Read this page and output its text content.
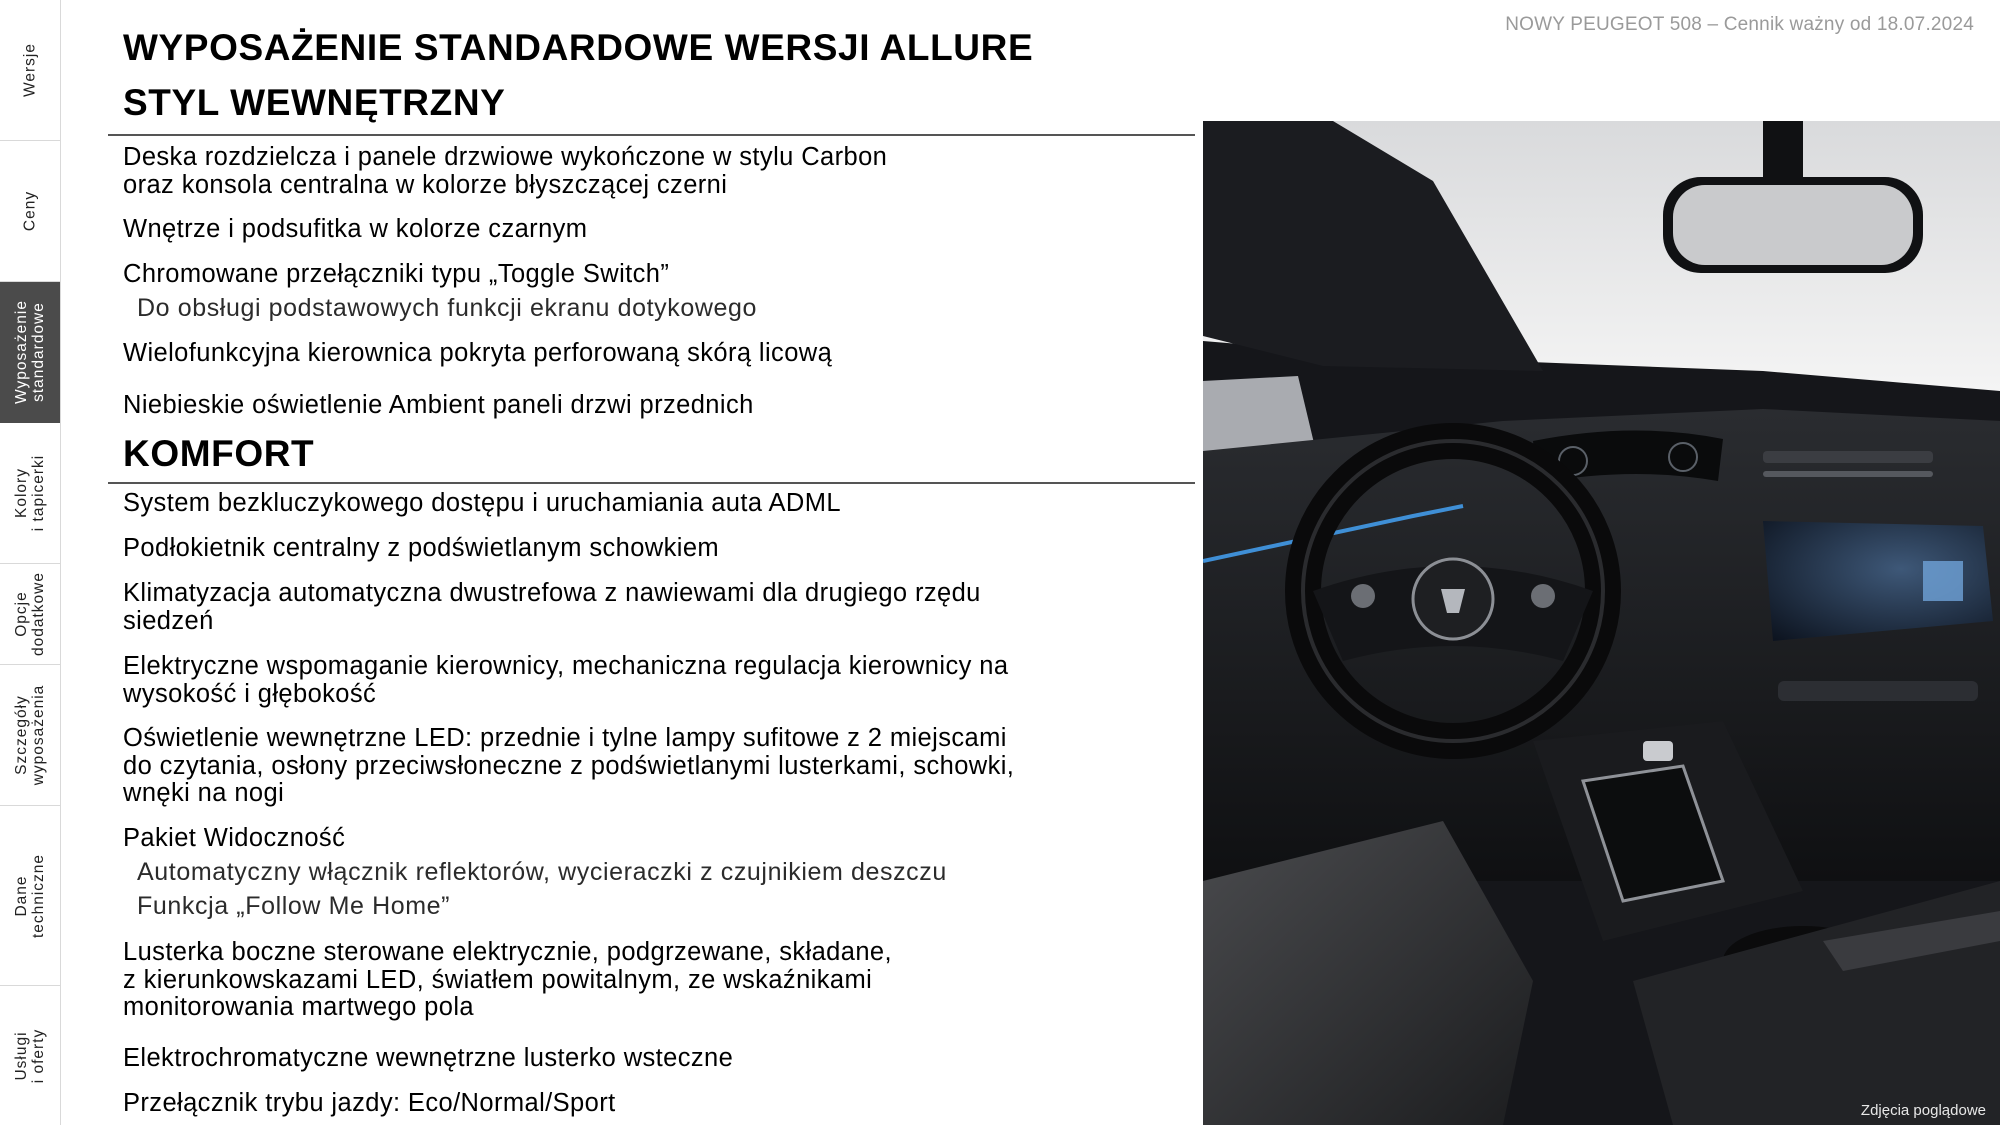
Wersje
Ceny
Wyposażenie
standardowe
Kolory
i tapicerki
Opcje
dodatkowe
Szczegóły
wyposażenia
Dane
techniczne
Usługi
i oferty
NOWY PEUGEOT 508 – Cennik ważny od 18.07.2024
WYPOSAŻENIE STANDARDOWE WERSJI ALLURE
STYL WEWNĘTRZNY
Deska rozdzielcza i panele drzwiowe wykończone w stylu Carbon
oraz konsola centralna w kolorze błyszczącej czerni
Wnętrze i podsufitka w kolorze czarnym
Chromowane przełączniki typu „Toggle Switch”
Do obsługi podstawowych funkcji ekranu dotykowego
Wielofunkcyjna kierownica pokryta perforowaną skórą licową
Niebieskie oświetlenie Ambient paneli drzwi przednich
KOMFORT
System bezkluczykowego dostępu i uruchamiania auta ADML
Podłokietnik centralny z podświetlanym schowkiem
Klimatyzacja automatyczna dwustrefowa z nawiewami dla drugiego rzędu
siedzeń
Elektryczne wspomaganie kierownicy, mechaniczna regulacja kierownicy na
wysokość i głębokość
Oświetlenie wewnętrzne LED: przednie i tylne lampy sufitowe z 2 miejscami
do czytania, osłony przeciwsłoneczne z podświetlanymi lusterkami, schowki,
wnęki na nogi
Pakiet Widoczność
Automatyczny włącznik reflektorów, wycieraczki z czujnikiem deszczu
Funkcja „Follow Me Home”
Lusterka boczne sterowane elektrycznie, podgrzewane, składane,
z kierunkowskazami LED, światłem powitalnym, ze wskaźnikami
monitorowania martwego pola
Elektrochromatyczne wewnętrzne lusterko wsteczne
Przełącznik trybu jazdy: Eco/Normal/Sport	Zdjęcia poglądowe
